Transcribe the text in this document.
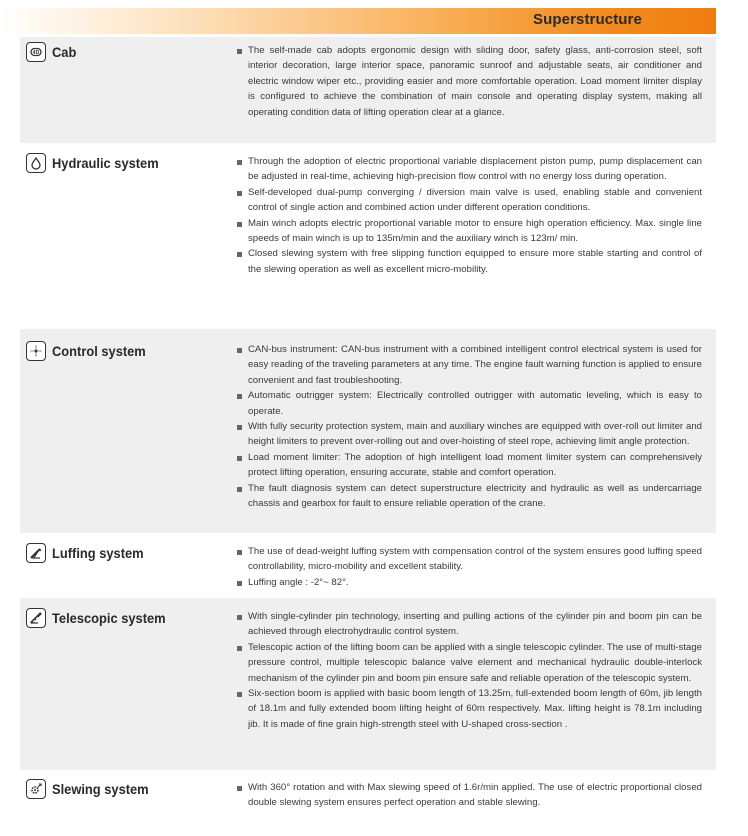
Superstructure
4D Cab	The self-made cab adopts ergonomic design with sliding door, safety glass, anti-corrosion steel, soft interior decoration, large interior space, panoramic sunroof and adjustable seats, air conditioner and electric window wiper etc., providing easier and more comfortable operation. Load moment limiter display is configured to achieve the combination of main console and operating display system, making all operating condition data of lifting operation clear at a glance.
Hydraulic system	Through the adoption of electric proportional variable displacement piston pump, pump displacement can be adjusted in real-time, achieving high-precision flow control with no energy loss during operation.
Self-developed dual-pump converging / diversion main valve is used, enabling stable and convenient control of single action and combined action under different operation conditions.
Main winch adopts electric proportional variable motor to ensure high operation efficiency. Max. single line speeds of main winch is up to 135m/min and the auxiliary winch is 123m/ min.
Closed slewing system with free slipping function equipped to ensure more stable starting and control of the slewing operation as well as excellent micro-mobility.
Control system	CAN-bus instrument: CAN-bus instrument with a combined intelligent control electrical system is used for easy reading of the traveling parameters at any time. The engine fault warning function is applied to ensure convenient and fast troubleshooting.
Automatic outrigger system: Electrically controlled outrigger with automatic leveling, which is easy to operate.
With fully security protection system, main and auxiliary winches are equipped with over-roll out limiter and height limiters to prevent over-rolling out and over-hoisting of steel rope, achieving limit angle protection.
Load moment limiter: The adoption of high intelligent load moment limiter system can comprehensively protect lifting operation, ensuring accurate, stable and comfort operation.
The fault diagnosis system can detect superstructure electricity and hydraulic as well as undercarriage chassis and gearbox for fault to ensure reliable operation of the crane.
Luffing system	The use of dead-weight luffing system with compensation control of the system ensures good luffing speed controllability, micro-mobility and excellent stability.
Luffing angle : -2°~ 82°.
Telescopic system	With single-cylinder pin technology, inserting and pulling actions of the cylinder pin and boom pin can be achieved through electrohydraulic control system.
Telescopic action of the lifting boom can be applied with a single telescopic cylinder. The use of multi-stage pressure control, multiple telescopic balance valve element and mechanical hydraulic double-interlock mechanism of the cylinder pin and boom pin ensure safe and reliable operation of the telescopic system.
Six-section boom is applied with basic boom length of 13.25m, full-extended boom length of 60m, jib length of 18.1m and fully extended boom lifting height of 60m respectively. Max. lifting height is 78.1m including jib. It is made of fine grain high-strength steel with U-shaped cross-section .
Slewing system	With 360° rotation and with Max slewing speed of 1.6r/min applied. The use of electric proportional closed double slewing system ensures perfect operation and stable slewing.
